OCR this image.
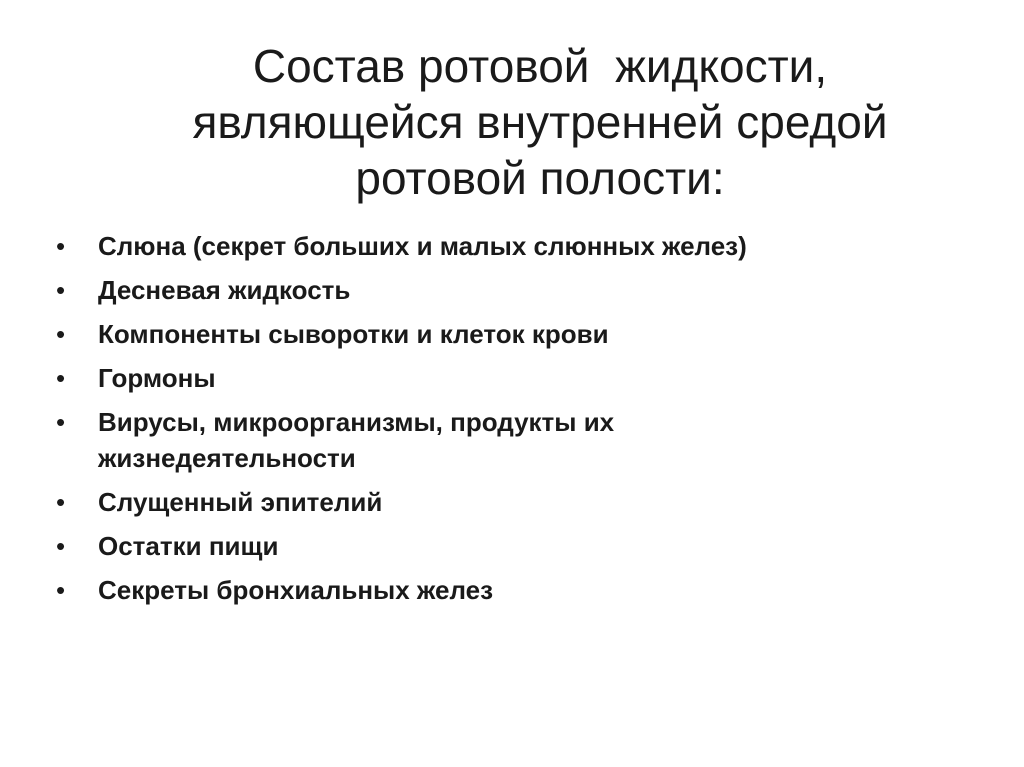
Состав ротовой  жидкости,
являющейся внутренней средой
ротовой полости:
•	Слюна (секрет больших и малых слюнных желез)
•	Десневая жидкость
•	Компоненты сыворотки и клеток крови
•	Гормоны
•	Вирусы, микроорганизмы, продукты их
жизнедеятельности
•	Слущенный эпителий
•	Остатки пищи
•	Секреты бронхиальных желез
